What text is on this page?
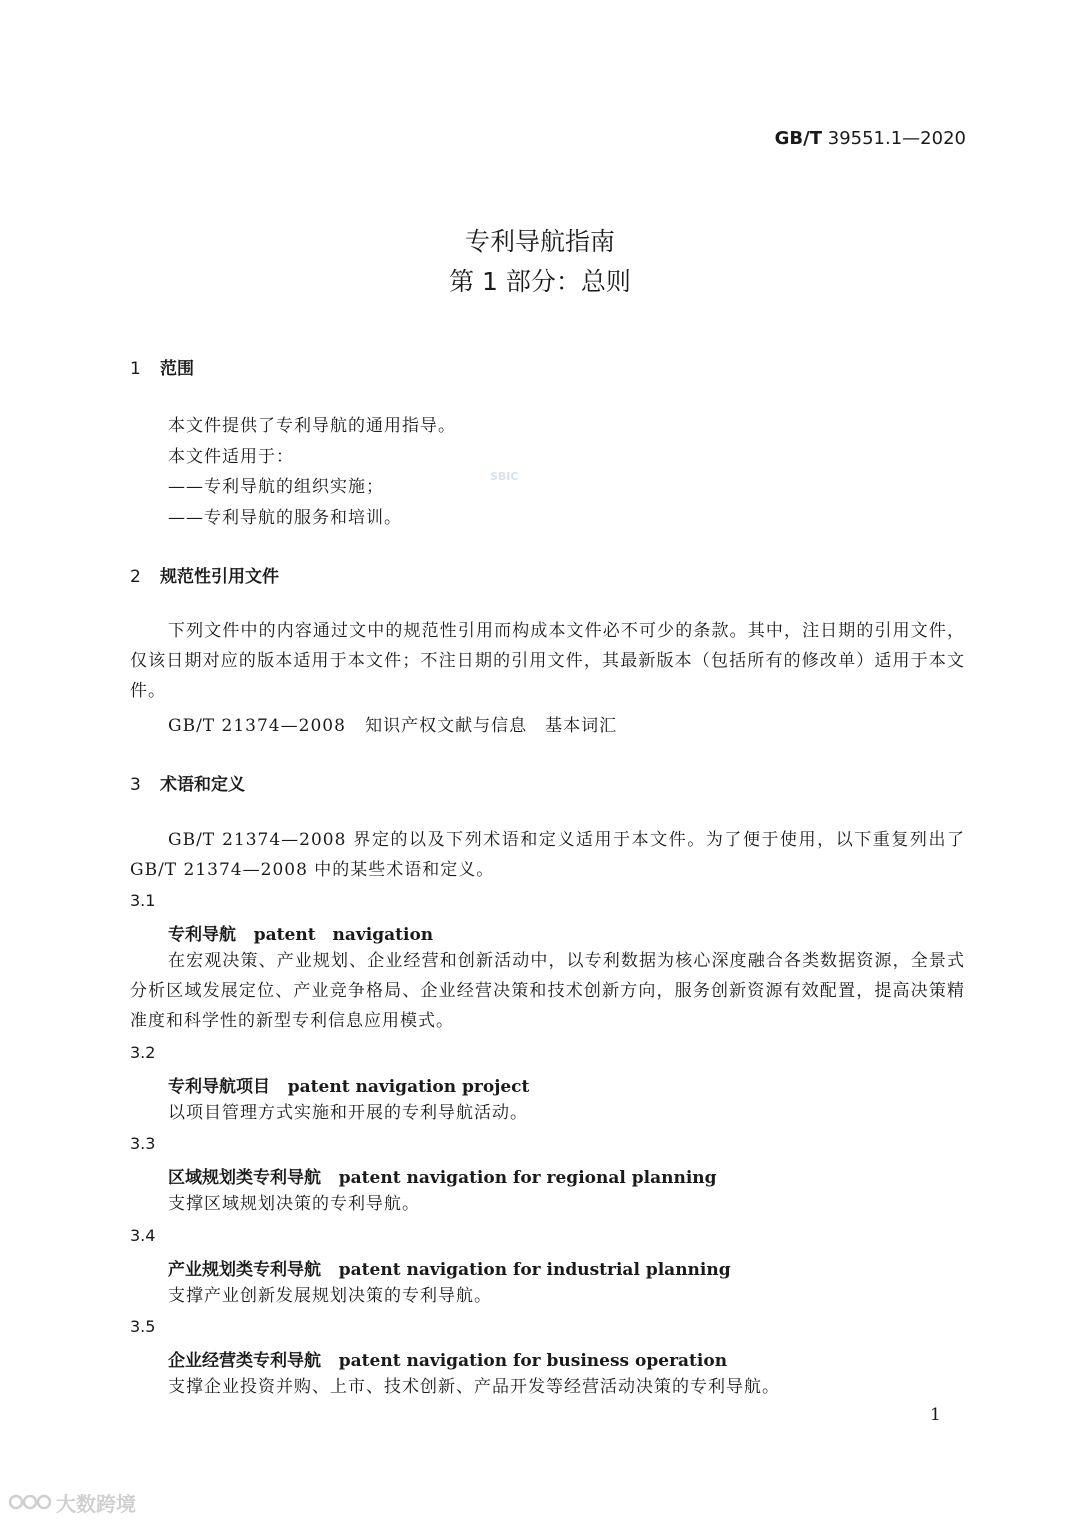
GB/T 39551.1—2020
专利导航指南
第 1 部分：总则
1 范围
本文件提供了专利导航的通用指导。
本文件适用于：
——专利导航的组织实施；
——专利导航的服务和培训。
SBIC
2 规范性引用文件
下列文件中的内容通过文中的规范性引用而构成本文件必不可少的条款。其中，注日期的引用文件，仅该日期对应的版本适用于本文件；不注日期的引用文件，其最新版本（包括所有的修改单）适用于本文件。
GB/T 21374—2008 知识产权文献与信息　基本词汇
3 术语和定义
GB/T 21374—2008 界定的以及下列术语和定义适用于本文件。为了便于使用，以下重复列出了 GB/T 21374—2008 中的某些术语和定义。
3.1
专利导航 patent　navigation
在宏观决策、产业规划、企业经营和创新活动中，以专利数据为核心深度融合各类数据资源，全景式分析区域发展定位、产业竞争格局、企业经营决策和技术创新方向，服务创新资源有效配置，提高决策精准度和科学性的新型专利信息应用模式。
3.2
专利导航项目 patent navigation project
以项目管理方式实施和开展的专利导航活动。
3.3
区域规划类专利导航 patent navigation for regional planning
支撑区域规划决策的专利导航。
3.4
产业规划类专利导航 patent navigation for industrial planning
支撑产业创新发展规划决策的专利导航。
3.5
企业经营类专利导航 patent navigation for business operation
支撑企业投资并购、上市、技术创新、产品开发等经营活动决策的专利导航。
1
大数跨境
